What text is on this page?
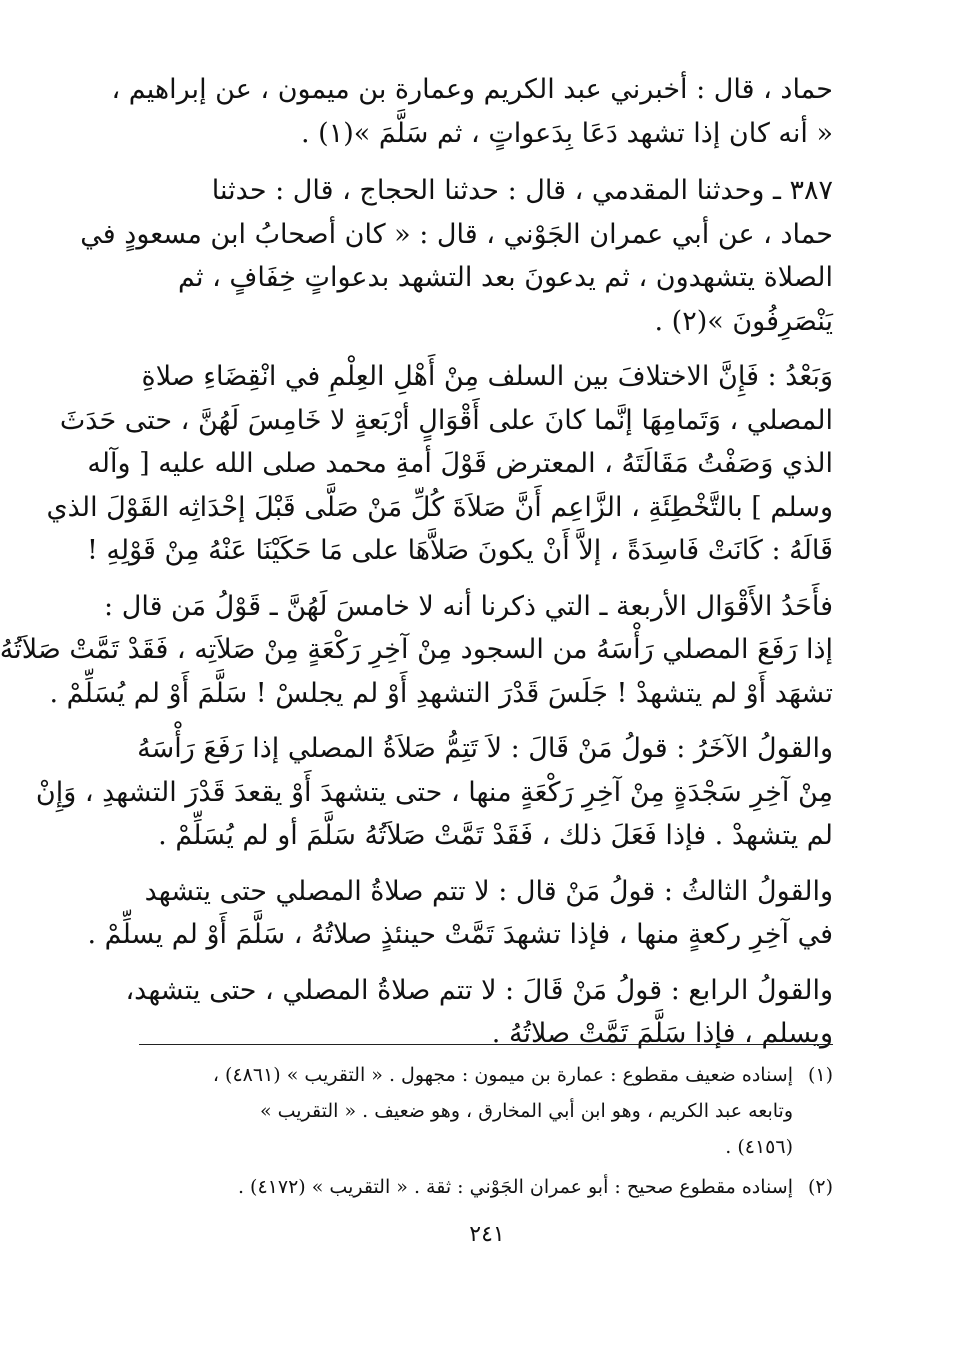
حماد ، قال : أخبرني عبد الكريم وعمارة بن ميمون ، عن إبراهيم ،
« أنه كان إذا تشهد دَعَا بِدَعواتٍ ، ثم سَلَّمَ »(١) .
٣٨٧ ـ وحدثنا المقدمي ، قال : حدثنا الحجاج ، قال : حدثنا
حماد ، عن أبي عمران الجَوْني ، قال : « كان أصحابُ ابن مسعودٍ في
الصلاة يتشهدون ، ثم يدعونَ بعد التشهد بدعواتٍ خِفَافٍ ، ثم
يَنْصَرِفُونَ »(٢) .
وَبَعْدُ : فَإِنَّ الاختلافَ بين السلف مِنْ أَهْلِ العِلْمِ في انْقِضَاءِ صلاةِ
المصلي ، وَتَمامِهَا إنَّما كانَ على أَقْوَالٍ أرْبَعةٍ لا خَامِسَ لَهُنَّ ، حتى حَدَثَ
الذي وَصَفْتُ مَقَالَتَهُ ، المعترض قَوْلَ أمةِ محمد صلى الله عليه [ وآله
وسلم ] بالتَّخْطِئَةِ ، الزَّاعِم أَنَّ صَلاَةَ كُلِّ مَنْ صَلَّى قَبْلَ إحْدَاثِه القَوْلَ الذي
قَالَهُ : كَانَتْ فَاسِدَةً ، إلاَّ أَنْ يكونَ صَلاَّهَا على مَا حَكَيْنَا عَنْهُ مِنْ قَوْلِهِ !
فأَحَدُ الأَقْوَال الأربعة ـ التي ذكرنا أنه لا خامسَ لَهُنَّ ـ قَوْلُ مَن قال :
إذا رَفَعَ المصلي رَأْسَهُ من السجود مِنْ آخِرِ رَكْعَةٍ مِنْ صَلاَتِه ، فَقَدْ تَمَّتْ صَلاَتُهُ
تشهَد أَوْ لم يتشهدْ ! جَلَسَ قَدْرَ التشهدِ أَوْ لم يجلسْ ! سَلَّمَ أَوْ لم يُسَلِّمْ .
والقولُ الآخَرُ : قولُ مَنْ قَالَ : لاَ تَتِمُّ صَلاَةُ المصلي إذا رَفَعَ رَأْسَهُ
مِنْ آخِرِ سَجْدَةٍ مِنْ آخِرِ رَكْعَةٍ منها ، حتى يتشهدَ أَوْ يقعدَ قَدْرَ التشهدِ ، وَإِنْ
لم يتشهدْ . فإذا فَعَلَ ذلك ، فَقَدْ تَمَّتْ صَلاَتُهُ سَلَّمَ أو لم يُسَلِّمْ .
والقولُ الثالثُ : قولُ مَنْ قال : لا تتم صلاةُ المصلي حتى يتشهد
في آخِرِ ركعةٍ منها ، فإذا تشهدَ تَمَّتْ حينئذٍ صلاتُهُ ، سَلَّمَ أَوْ لم يسلِّمْ .
والقولُ الرابع : قولُ مَنْ قَالَ : لا تتم صلاةُ المصلي ، حتى يتشهد،
ويسلم ، فإذا سَلَّمَ تَمَّتْ صلاتُهُ .
(١)
إسناده ضعيف مقطوع : عمارة بن ميمون : مجهول . « التقريب » (٤٨٦١) ،
وتابعه عبد الكريم ، وهو ابن أبي المخارق ، وهو ضعيف . « التقريب »
(٤١٥٦) .
(٢)
إسناده مقطوع صحيح : أبو عمران الجَوْني : ثقة . « التقريب » (٤١٧٢) .
٢٤١
